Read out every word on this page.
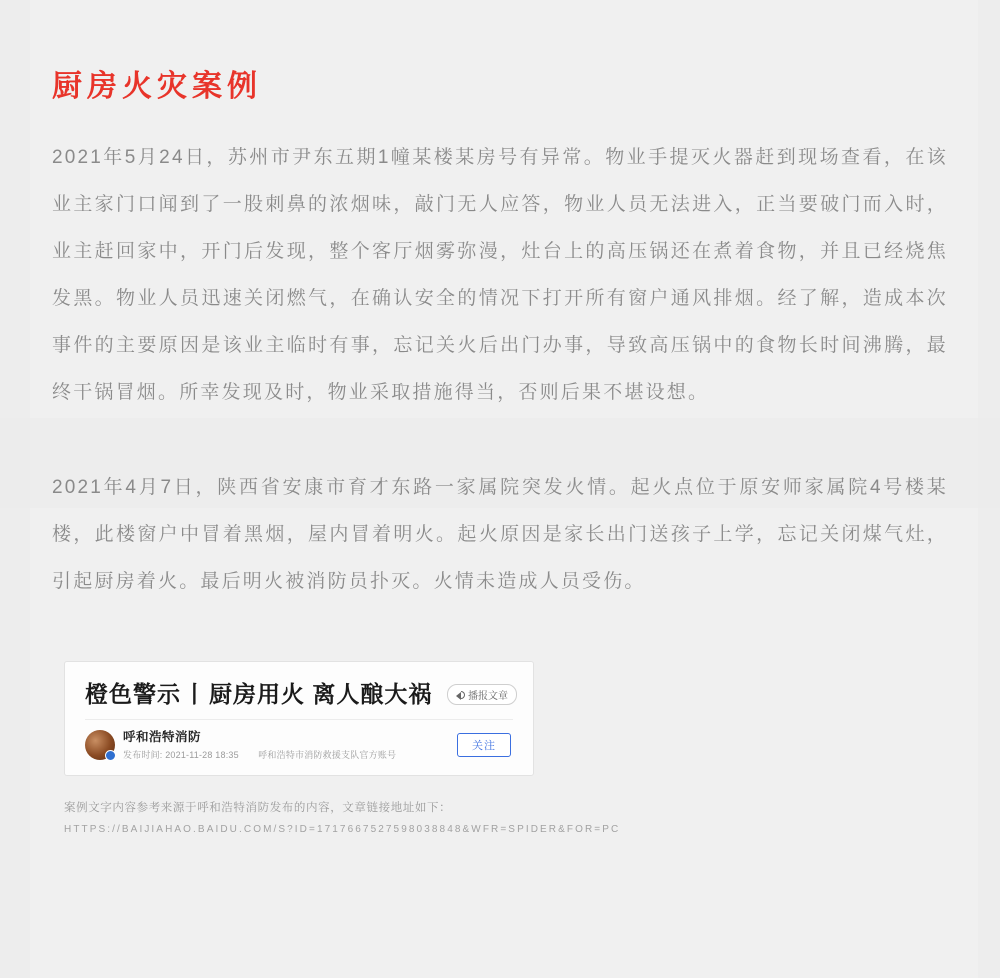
厨房火灾案例

2021年5月24日，苏州市尹东五期1幢某楼某房号有异常。物业手提灭火器赶到现场查看，在该业主家门口闻到了一股刺鼻的浓烟味，敲门无人应答，物业人员无法进入，正当要破门而入时，业主赶回家中，开门后发现，整个客厅烟雾弥漫，灶台上的高压锅还在煮着食物，并且已经烧焦发黑。物业人员迅速关闭燃气，在确认安全的情况下打开所有窗户通风排烟。经了解，造成本次事件的主要原因是该业主临时有事，忘记关火后出门办事，导致高压锅中的食物长时间沸腾，最终干锅冒烟。所幸发现及时，物业采取措施得当，否则后果不堪设想。

2021年4月7日，陕西省安康市育才东路一家属院突发火情。起火点位于原安师家属院4号楼某楼，此楼窗户中冒着黑烟，屋内冒着明火。起火原因是家长出门送孩子上学，忘记关闭煤气灶，引起厨房着火。最后明火被消防员扑灭。火情未造成人员受伤。

橙色警示丨厨房用火 离人酿大祸	播报文章
呼和浩特消防
发布时间: 2021-11-28 18:35 呼和浩特市消防救援支队官方账号
关注
案例文字内容参考来源于呼和浩特消防发布的内容，文章链接地址如下：
HTTPS://BAIJIAHAO.BAIDU.COM/S?ID=1717667527598038848&WFR=SPIDER&FOR=PC
